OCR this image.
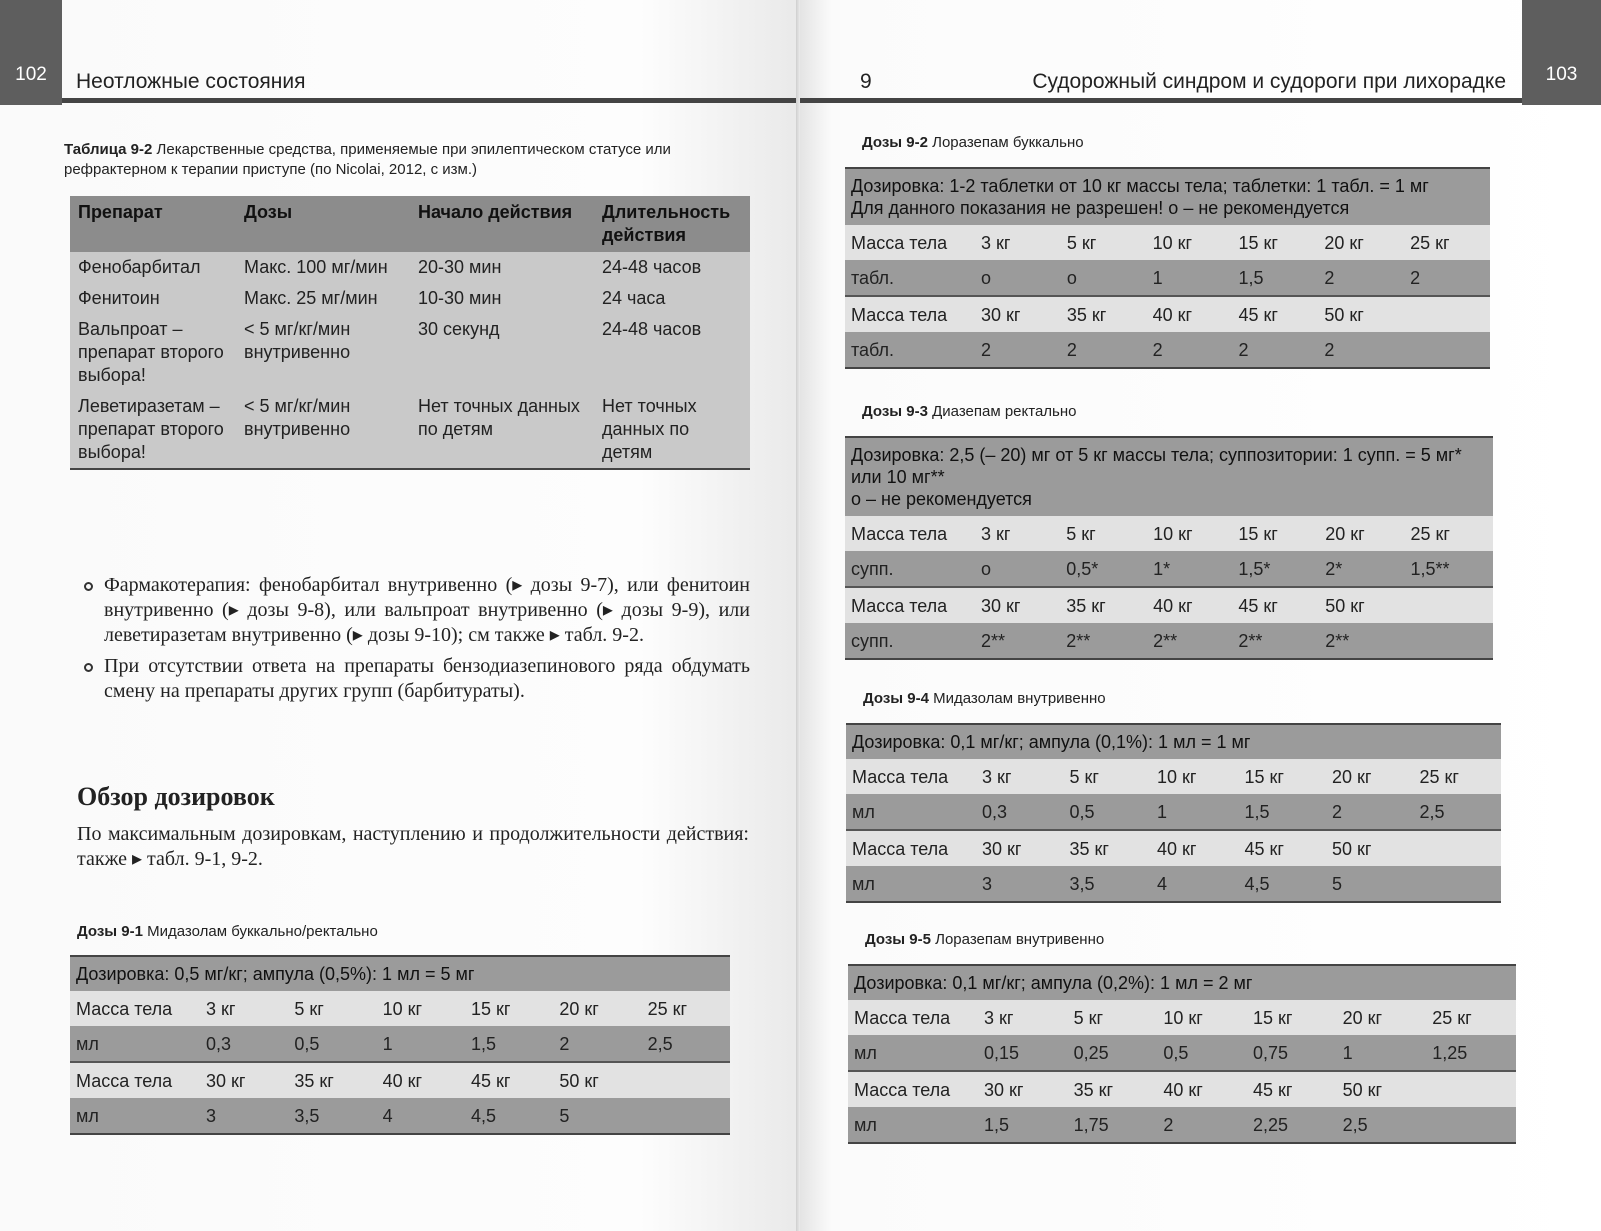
102	Неотложные состояния
Таблица 9-2 Лекарственные средства, применяемые при эпилептическом статусе или рефрактерном к терапии приступе (по Nicolai, 2012, с изм.)
Препарат	Дозы	Начало действия	Длительность действия
Фенобарбитал	Макс. 100 мг/мин	20-30 мин	24-48 часов
Фенитоин	Макс. 25 мг/мин	10-30 мин	24 часа
Вальпроат – препарат второго выбора!	< 5 мг/кг/мин внутривенно	30 секунд	24-48 часов
Леветиразетам – препарат второго выбора!	< 5 мг/кг/мин внутривенно	Нет точных данных по детям	Нет точных данных по детям
Фармакотерапия: фенобарбитал внутривенно (▸ дозы 9-7), или фенитоин внутривенно (▸ дозы 9-8), или вальпроат внутривенно (▸ дозы 9-9), или леветиразетам внутривенно (▸ дозы 9-10); см также ▸ табл. 9-2.
При отсутствии ответа на препараты бензодиазепинового ряда обдумать смену на препараты других групп (барбитураты).
Обзор дозировок
По максимальным дозировкам, наступлению и продолжительности действия: также ▸ табл. 9-1, 9-2.
Дозы 9-1 Мидазолам буккально/ректально
Дозировка: 0,5 мг/кг; ампула (0,5%): 1 мл = 5 мг						
Масса тела	3 кг	5 кг	10 кг	15 кг	20 кг	25 кг
мл	0,3	0,5	1	1,5	2	2,5
Масса тела	30 кг	35 кг	40 кг	45 кг	50 кг	
мл	3	3,5	4	4,5	5	
9	Судорожный синдром и судороги при лихорадке	103
Дозы 9-2 Лоразепам буккально
Дозировка: 1-2 таблетки от 10 кг массы тела; таблетки: 1 табл. = 1 мг
Для данного показания не разрешен! о – не рекомендуется						
Масса тела	3 кг	5 кг	10 кг	15 кг	20 кг	25 кг
табл.	о	о	1	1,5	2	2
Масса тела	30 кг	35 кг	40 кг	45 кг	50 кг	
табл.	2	2	2	2	2	
Дозы 9-3 Диазепам ректально
Дозировка: 2,5 (– 20) мг от 5 кг массы тела; суппозитории: 1 супп. = 5 мг* или 10 мг**
о – не рекомендуется						
Масса тела	3 кг	5 кг	10 кг	15 кг	20 кг	25 кг
супп.	о	0,5*	1*	1,5*	2*	1,5**
Масса тела	30 кг	35 кг	40 кг	45 кг	50 кг	
супп.	2**	2**	2**	2**	2**	
Дозы 9-4 Мидазолам внутривенно
Дозировка: 0,1 мг/кг; ампула (0,1%): 1 мл = 1 мг						
Масса тела	3 кг	5 кг	10 кг	15 кг	20 кг	25 кг
мл	0,3	0,5	1	1,5	2	2,5
Масса тела	30 кг	35 кг	40 кг	45 кг	50 кг	
мл	3	3,5	4	4,5	5	
Дозы 9-5 Лоразепам внутривенно
Дозировка: 0,1 мг/кг; ампула (0,2%): 1 мл = 2 мг						
Масса тела	3 кг	5 кг	10 кг	15 кг	20 кг	25 кг
мл	0,15	0,25	0,5	0,75	1	1,25
Масса тела	30 кг	35 кг	40 кг	45 кг	50 кг	
мл	1,5	1,75	2	2,25	2,5	
